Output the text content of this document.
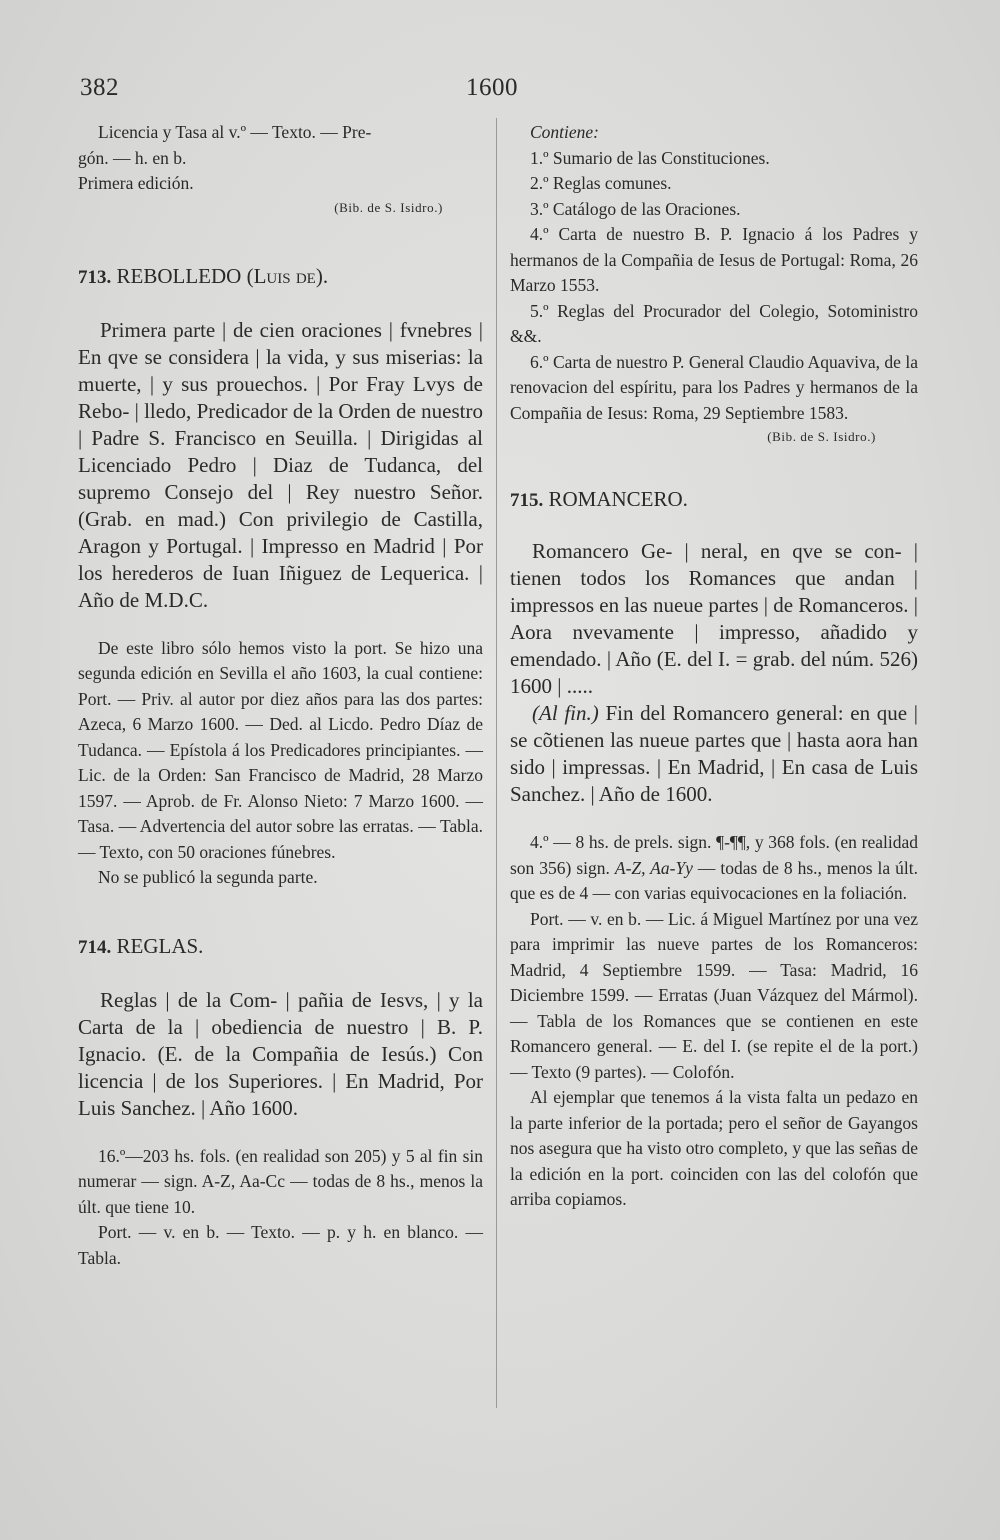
382	1600

Licencia y Tasa al v.º — Texto. — Pre-
gón. — h. en b.
Primera edición.

(Bib. de S. Isidro.)

713. REBOLLEDO (Luis de).

Primera parte | de cien oraciones | fvnebres | En qve se considera | la vida, y sus miserias: la muerte, | y sus prouechos. | Por Fray Lvys de Rebo- | lledo, Predicador de la Orden de nuestro | Padre S. Francisco en Seuilla. | Dirigidas al Licenciado Pedro | Diaz de Tudanca, del supremo Consejo del | Rey nuestro Señor. (Grab. en mad.) Con privilegio de Castilla, Aragon y Portugal. | Impresso en Madrid | Por los herederos de Iuan Iñiguez de Lequerica. | Año de M.D.C.

De este libro sólo hemos visto la port. Se hizo una segunda edición en Sevilla el año 1603, la cual contiene: Port. — Priv. al autor por diez años para las dos partes: Azeca, 6 Marzo 1600. — Ded. al Licdo. Pedro Díaz de Tudanca. — Epístola á los Predicadores principiantes. — Lic. de la Orden: San Francisco de Madrid, 28 Marzo 1597. — Aprob. de Fr. Alonso Nieto: 7 Marzo 1600. — Tasa. — Advertencia del autor sobre las erratas. — Tabla. — Texto, con 50 oraciones fúnebres.

No se publicó la segunda parte.

714. REGLAS.

Reglas | de la Com- | pañia de Iesvs, | y la Carta de la | obediencia de nuestro | B. P. Ignacio. (E. de la Compañia de Iesús.) Con licencia | de los Superiores. | En Madrid, Por Luis Sanchez. | Año 1600.

16.º—203 hs. fols. (en realidad son 205) y 5 al fin sin numerar — sign. A-Z, Aa-Cc — todas de 8 hs., menos la últ. que tiene 10.

Port. — v. en b. — Texto. — p. y h. en blanco. — Tabla.

Contiene:

1.º Sumario de las Constituciones.

2.º Reglas comunes.

3.º Catálogo de las Oraciones.

4.º Carta de nuestro B. P. Ignacio á los Padres y hermanos de la Compañia de Iesus de Portugal: Roma, 26 Marzo 1553.

5.º Reglas del Procurador del Colegio, Sotoministro &&.

6.º Carta de nuestro P. General Claudio Aquaviva, de la renovacion del espíritu, para los Padres y hermanos de la Compañia de Iesus: Roma, 29 Septiembre 1583.

(Bib. de S. Isidro.)

715. ROMANCERO.

Romancero Ge- | neral, en qve se con- | tienen todos los Romances que andan | impressos en las nueue partes | de Romanceros. | Aora nvevamente | impresso, añadido y emendado. | Año (E. del I. = grab. del núm. 526) 1600 | .....

(Al fin.) Fin del Romancero general: en que | se cõtienen las nueue partes que | hasta aora han sido | impressas. | En Madrid, | En casa de Luis Sanchez. | Año de 1600.

4.º — 8 hs. de prels. sign. ¶-¶¶, y 368 fols. (en realidad son 356) sign. A-Z, Aa-Yy — todas de 8 hs., menos la últ. que es de 4 — con varias equivocaciones en la foliación.

Port. — v. en b. — Lic. á Miguel Martínez por una vez para imprimir las nueve partes de los Romanceros: Madrid, 4 Septiembre 1599. — Tasa: Madrid, 16 Diciembre 1599. — Erratas (Juan Vázquez del Mármol). — Tabla de los Romances que se contienen en este Romancero general. — E. del I. (se repite el de la port.) — Texto (9 partes). — Colofón.

Al ejemplar que tenemos á la vista falta un pedazo en la parte inferior de la portada; pero el señor de Gayangos nos asegura que ha visto otro completo, y que las señas de la edición en la port. coinciden con las del colofón que arriba copiamos.
